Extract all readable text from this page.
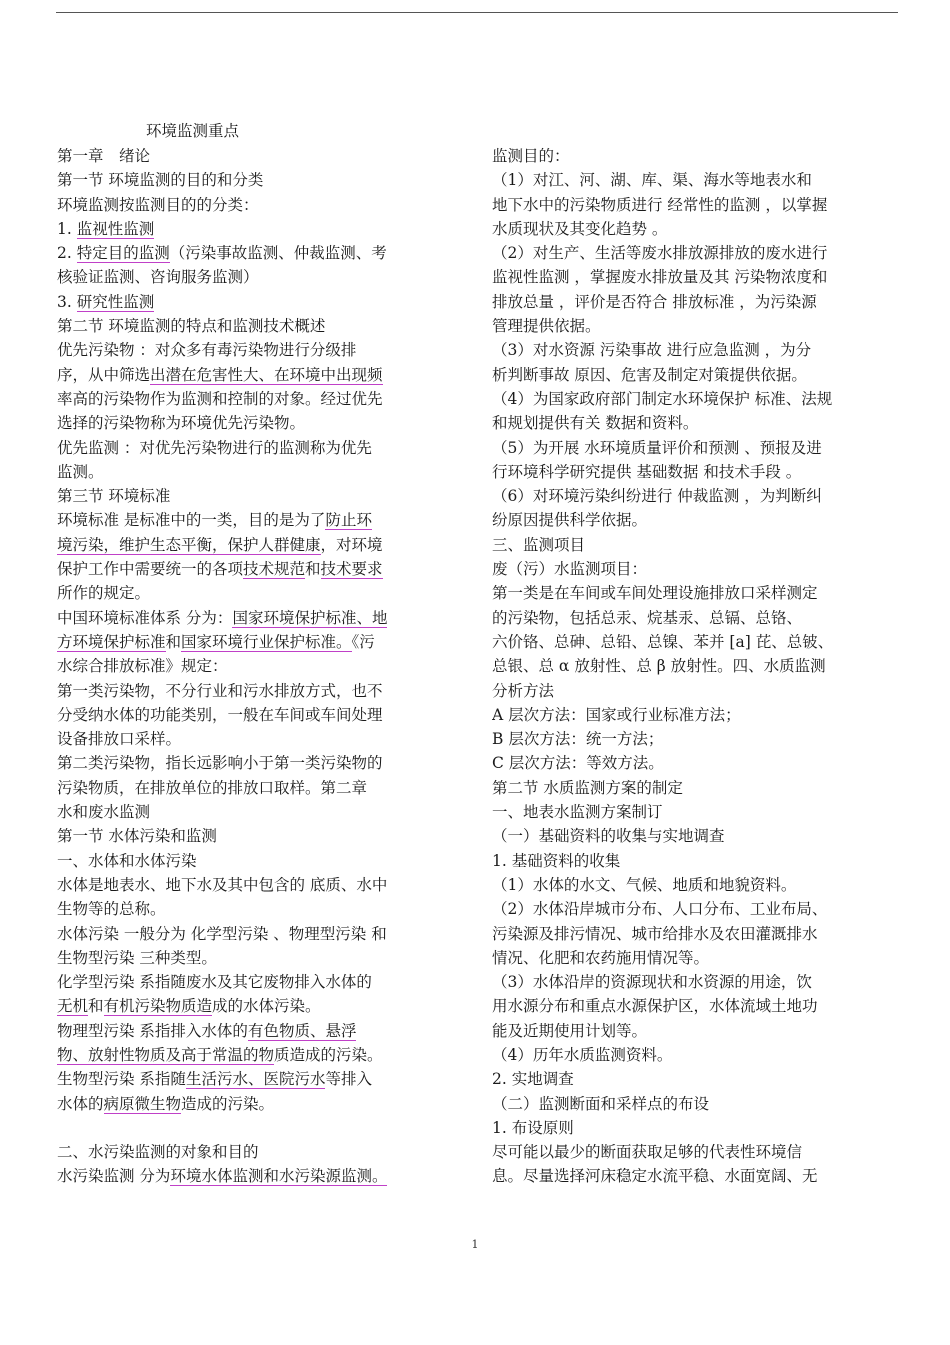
环境监测重点
第一章　绪论
第一节 环境监测的目的和分类
环境监测按监测目的的分类：
1. 监视性监测
2. 特定目的监测（污染事故监测、仲裁监测、考
核验证监测、咨询服务监测）
3. 研究性监测
第二节 环境监测的特点和监测技术概述
优先污染物 ：对众多有毒污染物进行分级排
序，从中筛选出潜在危害性大、在环境中出现频
率高的污染物作为监测和控制的对象。经过优先
选择的污染物称为环境优先污染物。
优先监测 ：对优先污染物进行的监测称为优先
监测。
第三节 环境标准
环境标准 是标准中的一类，目的是为了防止环
境污染，维护生态平衡，保护人群健康，对环境
保护工作中需要统一的各项技术规范和技术要求
所作的规定。
中国环境标准体系 分为：国家环境保护标准、地
方环境保护标准和国家环境行业保护标准。《污
水综合排放标准》规定：
第一类污染物，不分行业和污水排放方式，也不
分受纳水体的功能类别，一般在车间或车间处理
设备排放口采样。
第二类污染物，指长远影响小于第一类污染物的
污染物质，在排放单位的排放口取样。第二章
水和废水监测
第一节 水体污染和监测
一、水体和水体污染
水体是地表水、地下水及其中包含的 底质、水中
生物等的总称。
水体污染 一般分为 化学型污染 、物理型污染 和
生物型污染 三种类型。
化学型污染 系指随废水及其它废物排入水体的
无机和有机污染物质造成的水体污染。
物理型污染 系指排入水体的有色物质、悬浮
物、放射性物质及高于常温的物质造成的污染。
生物型污染 系指随生活污水、医院污水等排入
水体的病原微生物造成的污染。
二、水污染监测的对象和目的
水污染监测 分为环境水体监测和水污染源监测。
监测目的：
（1）对江、河、湖、库、渠、海水等地表水和
地下水中的污染物质进行 经常性的监测 ，以掌握
水质现状及其变化趋势 。
（2）对生产、生活等废水排放源排放的废水进行
监视性监测 ，掌握废水排放量及其 污染物浓度和
排放总量 ，评价是否符合 排放标准 ，为污染源
管理提供依据。
（3）对水资源 污染事故 进行应急监测 ，为分
析判断事故 原因、危害及制定对策提供依据。
（4）为国家政府部门制定水环境保护 标准、法规
和规划提供有关 数据和资料。
（5）为开展 水环境质量评价和预测 、预报及进
行环境科学研究提供 基础数据 和技术手段 。
（6）对环境污染纠纷进行 仲裁监测 ，为判断纠
纷原因提供科学依据。
三、监测项目
废（污）水监测项目：
第一类是在车间或车间处理设施排放口采样测定
的污染物，包括总汞、烷基汞、总镉、总铬、
六价铬、总砷、总铅、总镍、苯并 [a] 芘、总铍、
总银、总 α 放射性、总 β 放射性。四、水质监测
分析方法
A 层次方法：国家或行业标准方法；
B 层次方法：统一方法；
C 层次方法：等效方法。
第二节 水质监测方案的制定
一、地表水监测方案制订
（一）基础资料的收集与实地调查
1. 基础资料的收集
（1）水体的水文、气候、地质和地貌资料。
（2）水体沿岸城市分布、人口分布、工业布局、
污染源及排污情况、城市给排水及农田灌溉排水
情况、化肥和农药施用情况等。
（3）水体沿岸的资源现状和水资源的用途，饮
用水源分布和重点水源保护区，水体流域土地功
能及近期使用计划等。
（4）历年水质监测资料。
2. 实地调查
（二）监测断面和采样点的布设
1. 布设原则
尽可能以最少的断面获取足够的代表性环境信
息。尽量选择河床稳定水流平稳、水面宽阔、无
1
